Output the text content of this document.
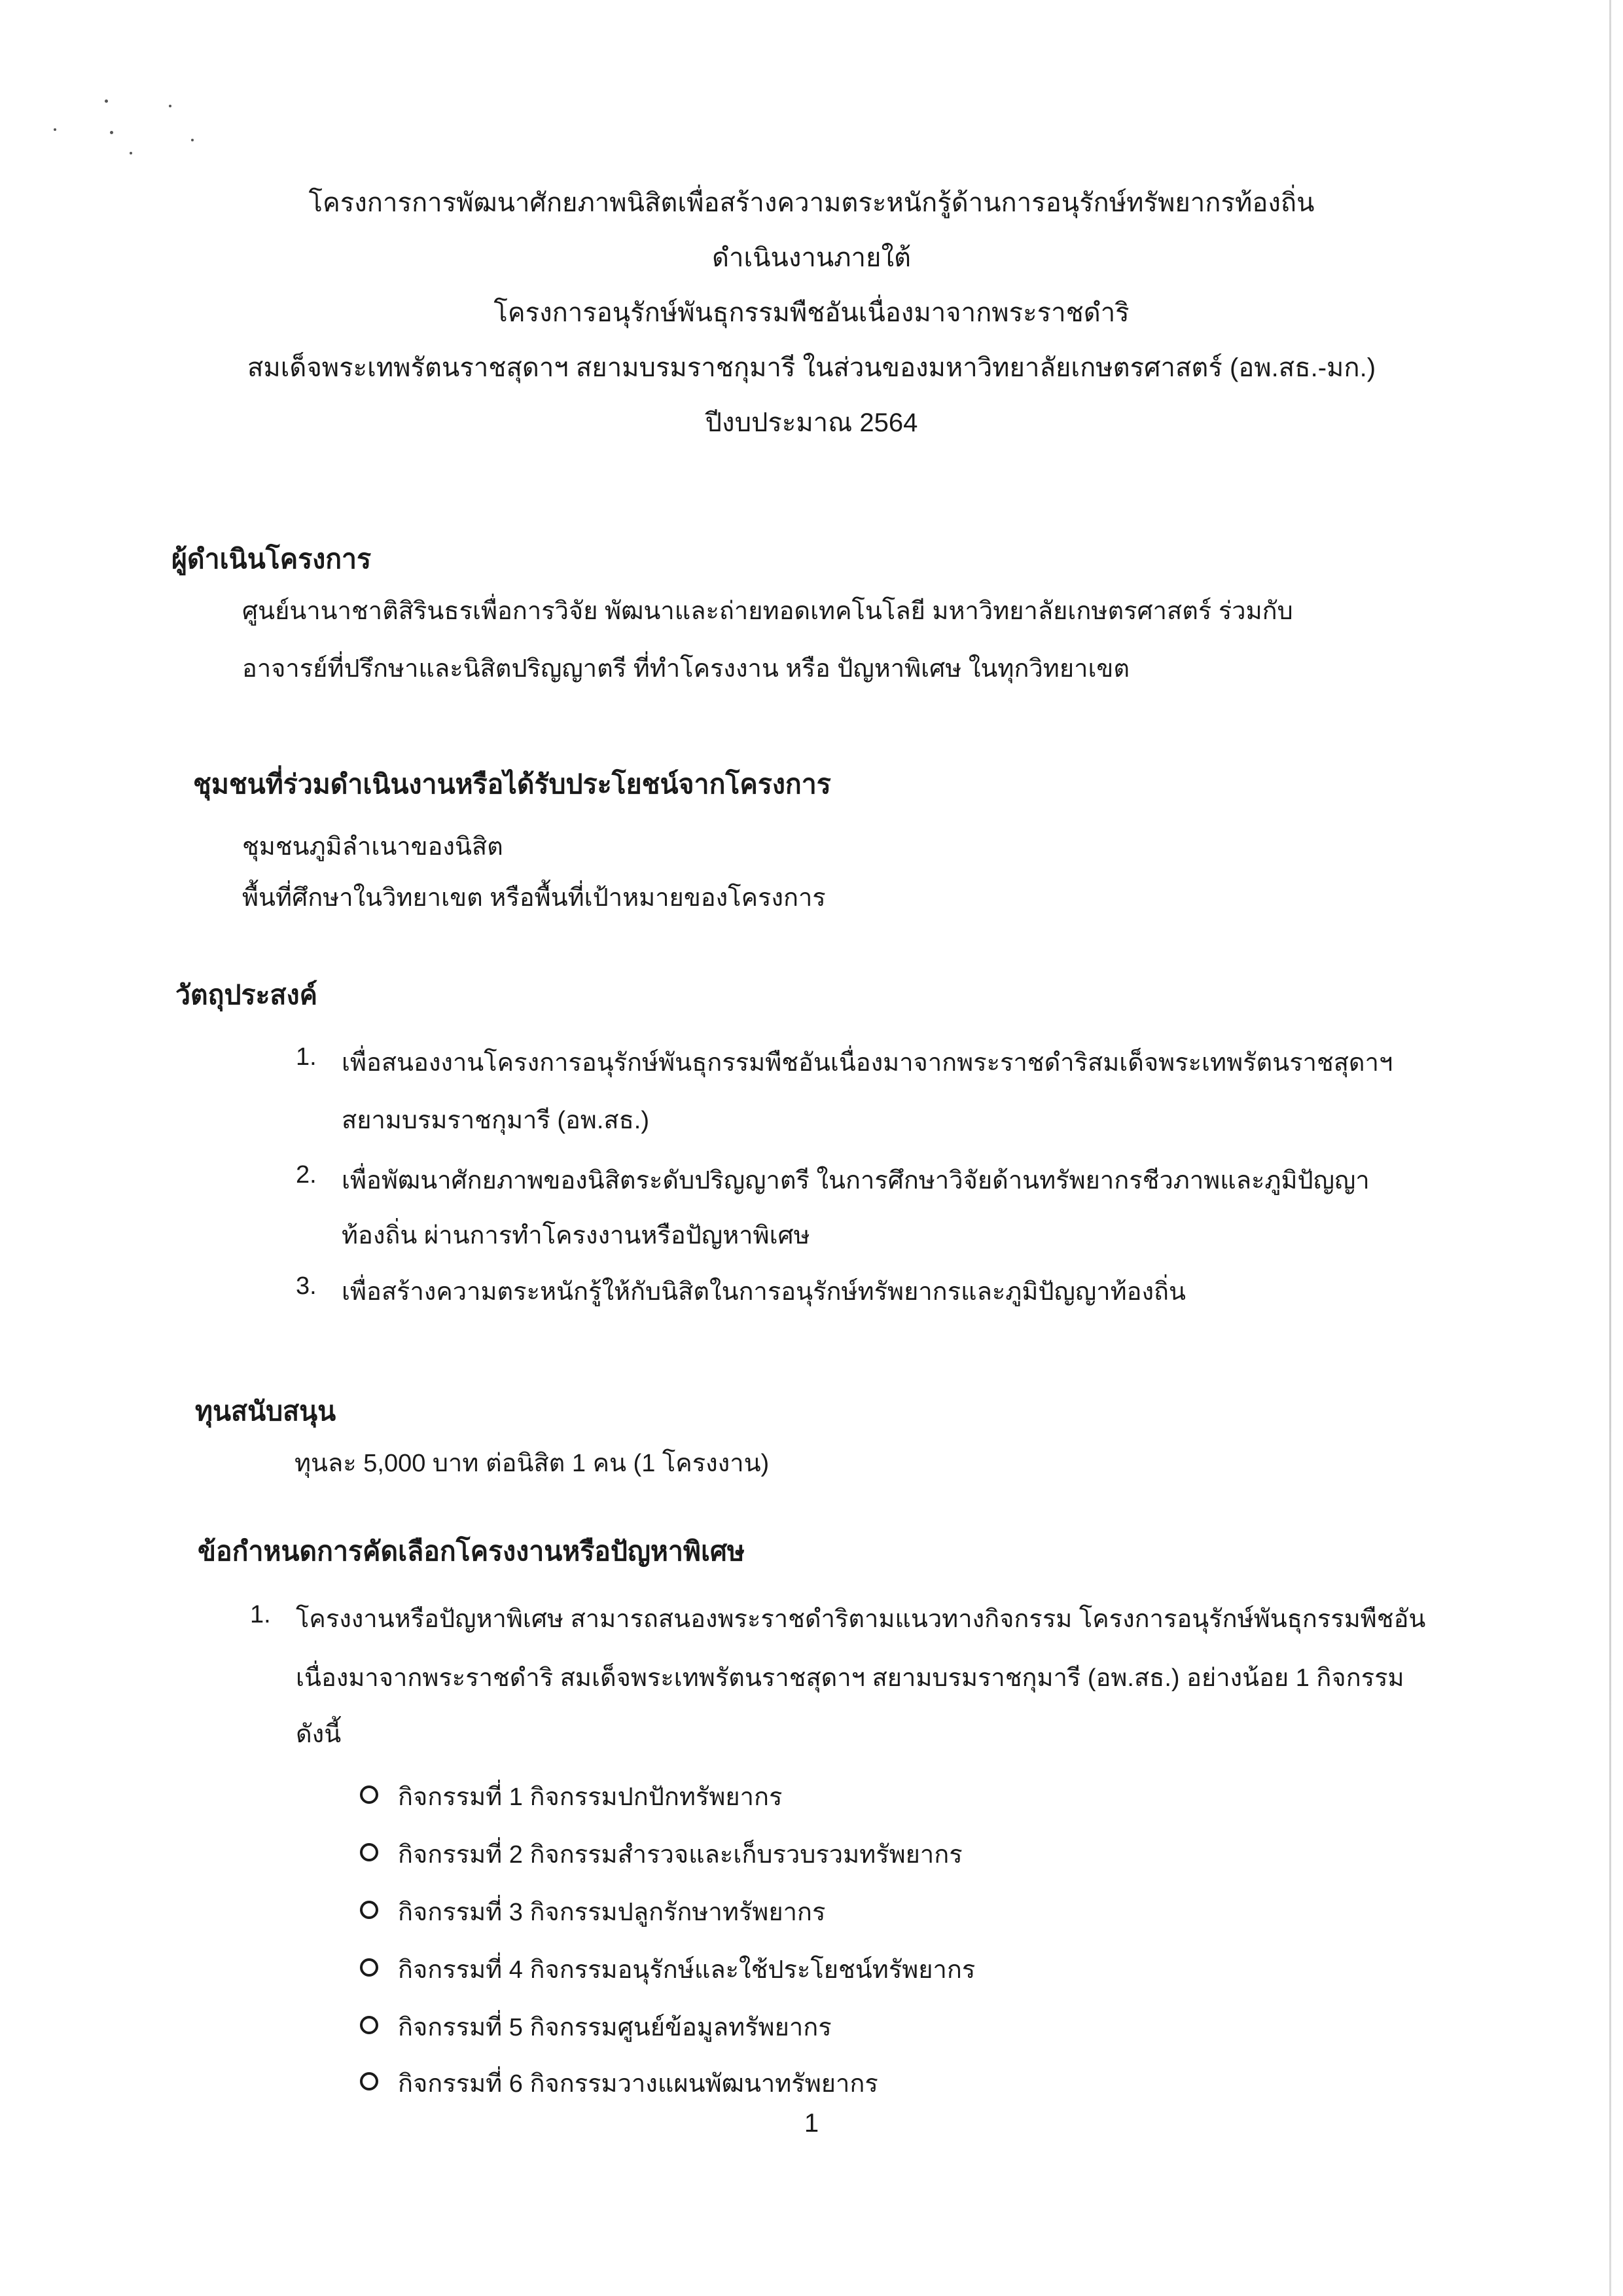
โครงการการพัฒนาศักยภาพนิสิตเพื่อสร้างความตระหนักรู้ด้านการอนุรักษ์ทรัพยากรท้องถิ่น
ดำเนินงานภายใต้
โครงการอนุรักษ์พันธุกรรมพืชอันเนื่องมาจากพระราชดำริ
สมเด็จพระเทพรัตนราชสุดาฯ สยามบรมราชกุมารี ในส่วนของมหาวิทยาลัยเกษตรศาสตร์ (อพ.สธ.-มก.)
ปีงบประมาณ 2564
ผู้ดำเนินโครงการ
ศูนย์นานาชาติสิรินธรเพื่อการวิจัย พัฒนาและถ่ายทอดเทคโนโลยี มหาวิทยาลัยเกษตรศาสตร์ ร่วมกับ
อาจารย์ที่ปรึกษาและนิสิตปริญญาตรี ที่ทำโครงงาน หรือ ปัญหาพิเศษ ในทุกวิทยาเขต
ชุมชนที่ร่วมดำเนินงานหรือได้รับประโยชน์จากโครงการ
ชุมชนภูมิลำเนาของนิสิต
พื้นที่ศึกษาในวิทยาเขต หรือพื้นที่เป้าหมายของโครงการ
วัตถุประสงค์
1. เพื่อสนองงานโครงการอนุรักษ์พันธุกรรมพืชอันเนื่องมาจากพระราชดำริสมเด็จพระเทพรัตนราชสุดาฯ
สยามบรมราชกุมารี (อพ.สธ.)
2. เพื่อพัฒนาศักยภาพของนิสิตระดับปริญญาตรี ในการศึกษาวิจัยด้านทรัพยากรชีวภาพและภูมิปัญญา
ท้องถิ่น ผ่านการทำโครงงานหรือปัญหาพิเศษ
3. เพื่อสร้างความตระหนักรู้ให้กับนิสิตในการอนุรักษ์ทรัพยากรและภูมิปัญญาท้องถิ่น
ทุนสนับสนุน
ทุนละ 5,000 บาท ต่อนิสิต 1 คน (1 โครงงาน)
ข้อกำหนดการคัดเลือกโครงงานหรือปัญหาพิเศษ
1. โครงงานหรือปัญหาพิเศษ สามารถสนองพระราชดำริตามแนวทางกิจกรรม โครงการอนุรักษ์พันธุกรรมพืชอัน
เนื่องมาจากพระราชดำริ สมเด็จพระเทพรัตนราชสุดาฯ สยามบรมราชกุมารี (อพ.สธ.) อย่างน้อย 1 กิจกรรม
ดังนี้
กิจกรรมที่ 1 กิจกรรมปกปักทรัพยากร
กิจกรรมที่ 2 กิจกรรมสำรวจและเก็บรวบรวมทรัพยากร
กิจกรรมที่ 3 กิจกรรมปลูกรักษาทรัพยากร
กิจกรรมที่ 4 กิจกรรมอนุรักษ์และใช้ประโยชน์ทรัพยากร
กิจกรรมที่ 5 กิจกรรมศูนย์ข้อมูลทรัพยากร
กิจกรรมที่ 6 กิจกรรมวางแผนพัฒนาทรัพยากร
1
